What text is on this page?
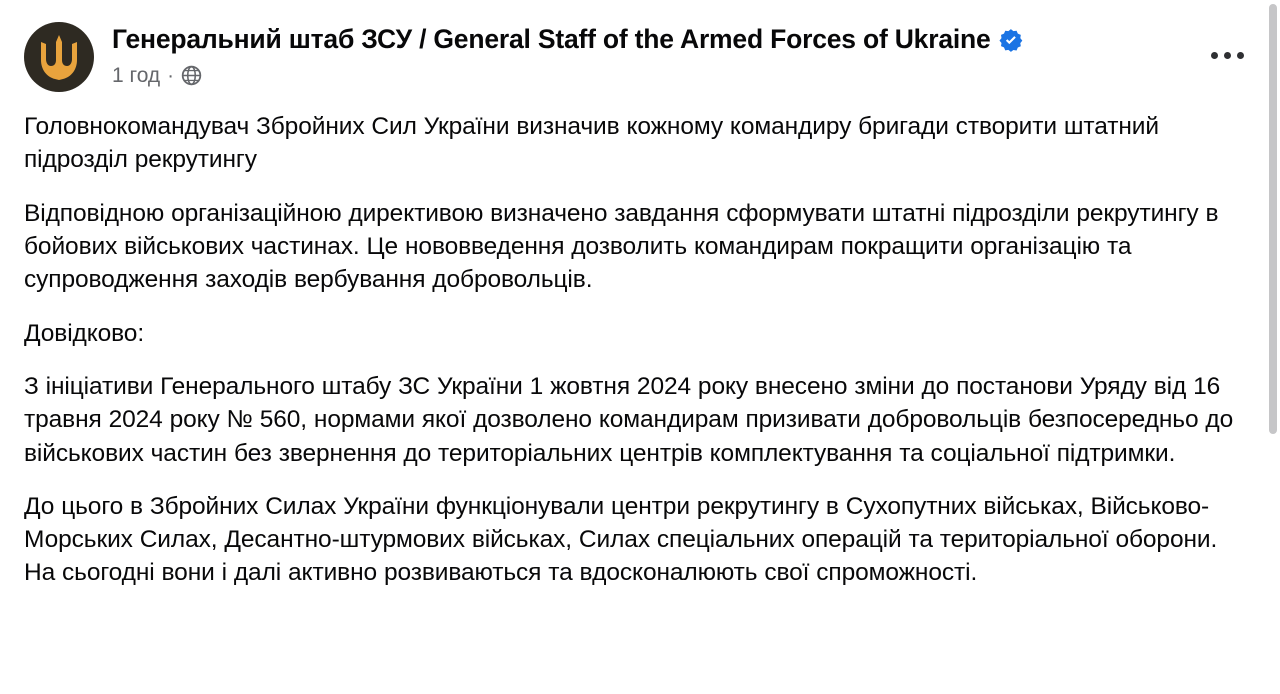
Генеральний штаб ЗСУ / General Staff of the Armed Forces of Ukraine
1 год ·

Головнокомандувач Збройних Сил України визначив кожному командиру бригади створити штатний підрозділ рекрутингу

Відповідною організаційною директивою визначено завдання сформувати штатні підрозділи рекрутингу в бойових військових частинах. Це нововведення дозволить командирам покращити організацію та супроводження заходів вербування добровольців.

Довідково:

З ініціативи Генерального штабу ЗС України 1 жовтня 2024 року внесено зміни до постанови Уряду від 16 травня 2024 року № 560, нормами якої дозволено командирам призивати добровольців безпосередньо до військових частин без звернення до територіальних центрів комплектування та соціальної підтримки.

До цього в Збройних Силах України функціонували центри рекрутингу в Сухопутних військах, Військово-Морських Силах, Десантно-штурмових військах, Силах спеціальних операцій та територіальної оборони. На сьогодні вони і далі активно розвиваються та вдосконалюють свої спроможності.
